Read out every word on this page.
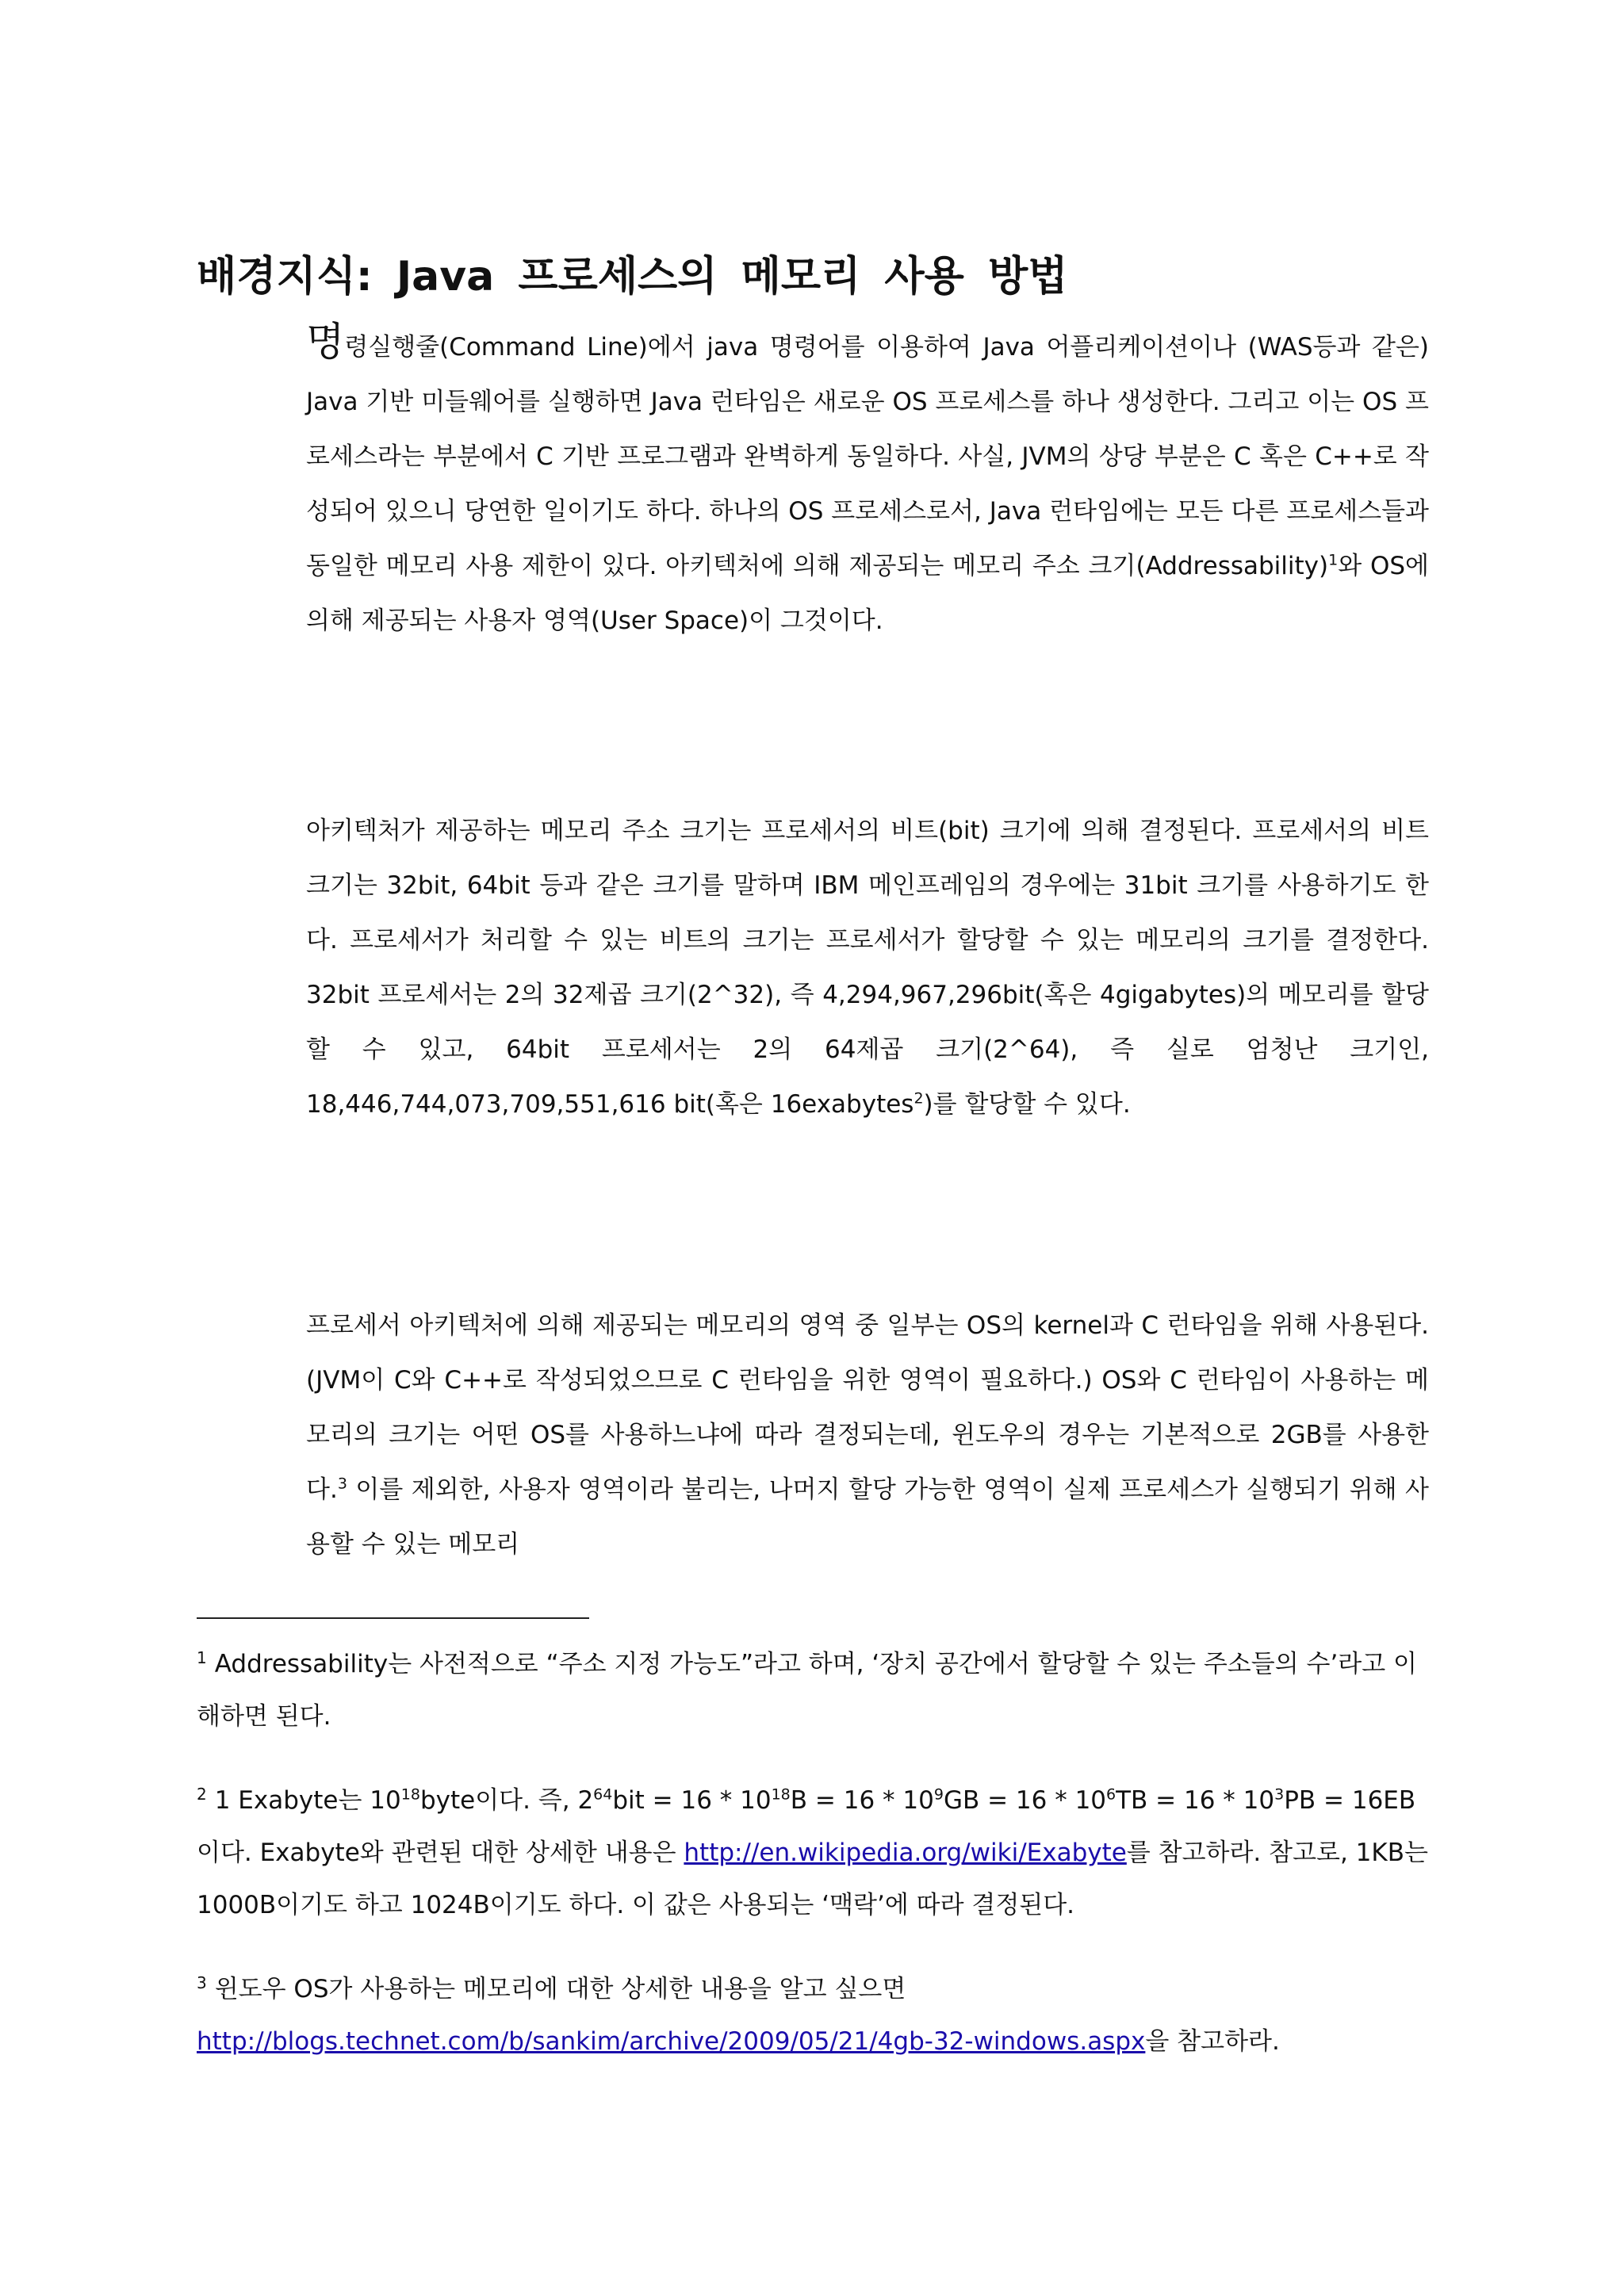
배경지식: Java 프로세스의 메모리 사용 방법

명령실행줄(Command Line)에서 java 명령어를 이용하여 Java 어플리케이션이나 (WAS등과 같은) Java 기반 미들웨어를 실행하면 Java 런타임은 새로운 OS 프로세스를 하나 생성한다. 그리고 이는 OS 프로세스라는 부분에서 C 기반 프로그램과 완벽하게 동일하다. 사실, JVM의 상당 부분은 C 혹은 C++로 작성되어 있으니 당연한 일이기도 하다. 하나의 OS 프로세스로서, Java 런타임에는 모든 다른 프로세스들과 동일한 메모리 사용 제한이 있다. 아키텍처에 의해 제공되는 메모리 주소 크기(Addressability)$^1$와 OS에 의해 제공되는 사용자 영역(User Space)이 그것이다.

아키텍처가 제공하는 메모리 주소 크기는 프로세서의 비트(bit) 크기에 의해 결정된다. 프로세서의 비트 크기는 32bit, 64bit 등과 같은 크기를 말하며 IBM 메인프레임의 경우에는 31bit 크기를 사용하기도 한다. 프로세서가 처리할 수 있는 비트의 크기는 프로세서가 할당할 수 있는 메모리의 크기를 결정한다. 32bit 프로세서는 2의 32제곱 크기(2^32), 즉 4,294,967,296bit(혹은 4gigabytes)의 메모리를 할당할 수 있고, 64bit 프로세서는 2의 64제곱 크기(2^64), 즉 실로 엄청난 크기인, 18,446,744,073,709,551,616 bit(혹은 16exabytes$^2$)를 할당할 수 있다.

프로세서 아키텍처에 의해 제공되는 메모리의 영역 중 일부는 OS의 kernel과 C 런타임을 위해 사용된다. (JVM이 C와 C++로 작성되었으므로 C 런타임을 위한 영역이 필요하다.) OS와 C 런타임이 사용하는 메모리의 크기는 어떤 OS를 사용하느냐에 따라 결정되는데, 윈도우의 경우는 기본적으로 2GB를 사용한다.$^3$ 이를 제외한, 사용자 영역이라 불리는, 나머지 할당 가능한 영역이 실제 프로세스가 실행되기 위해 사용할 수 있는 메모리

$^1$ Addressability는 사전적으로 “주소 지정 가능도”라고 하며, ‘장치 공간에서 할당할 수 있는 주소들의 수’라고 이해하면 된다.

$^2$ 1 Exabyte는 $10^{18}byte$이다. 즉, $2^{64}bit = 16 * 10^{18}B = 16 * 10^9GB = 16 * 10^6TB = 16 * 10^3PB = 16EB$ 이다. Exabyte와 관련된 대한 상세한 내용은 http://en.wikipedia.org/wiki/Exabyte를 참고하라. 참고로, 1KB는 1000B이기도 하고 1024B이기도 하다. 이 값은 사용되는 ‘맥락’에 따라 결정된다.

$^3$ 윈도우 OS가 사용하는 메모리에 대한 상세한 내용을 알고 싶으면
http://blogs.technet.com/b/sankim/archive/2009/05/21/4gb-32-windows.aspx을 참고하라.
